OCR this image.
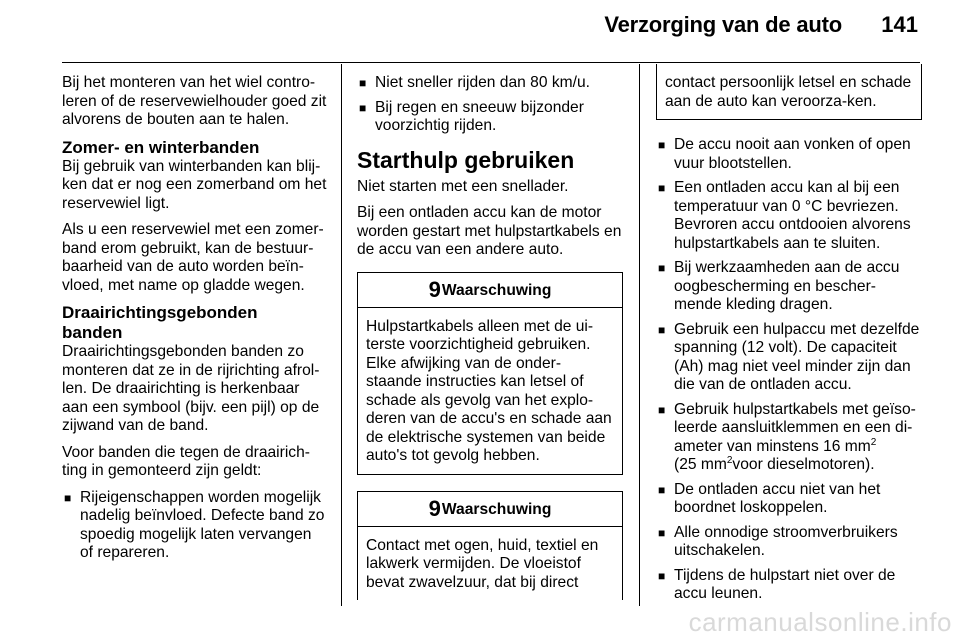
Verzorging van de auto 141

Bij het monteren van het wiel contro-leren of de reservewielhouder goed zit alvorens de bouten aan te halen.

Zomer- en winterbanden

Bij gebruik van winterbanden kan blij-ken dat er nog een zomerband om het reservewiel ligt.

Als u een reservewiel met een zomer-band erom gebruikt, kan de bestuur-baarheid van de auto worden beïn-vloed, met name op gladde wegen.

Draairichtingsgebonden
banden

Draairichtingsgebonden banden zo monteren dat ze in de rijrichting afrol-len. De draairichting is herkenbaar aan een symbool (bijv. een pijl) op de zijwand van de band.

Voor banden die tegen de draairich-ting in gemonteerd zijn geldt:

■ Rijeigenschappen worden mogelijk nadelig beïnvloed. Defecte band zo spoedig mogelijk laten vervangen of repareren.
■ Niet sneller rijden dan 80 km/u.
■ Bij regen en sneeuw bijzonder voorzichtig rijden.
Starthulp gebruiken

Niet starten met een snellader.

Bij een ontladen accu kan de motor worden gestart met hulpstartkabels en de accu van een andere auto.

9Waarschuwing
Hulpstartkabels alleen met de ui-terste voorzichtigheid gebruiken. Elke afwijking van de onder-staande instructies kan letsel of schade als gevolg van het explo-deren van de accu's en schade aan de elektrische systemen van beide auto's tot gevolg hebben.
9Waarschuwing
Contact met ogen, huid, textiel en lakwerk vermijden. De vloeistof bevat zwavelzuur, dat bij direct
contact persoonlijk letsel en schade aan de auto kan veroorza-ken.
■ De accu nooit aan vonken of open vuur blootstellen.
■ Een ontladen accu kan al bij een temperatuur van 0 °C bevriezen. Bevroren accu ontdooien alvorens hulpstartkabels aan te sluiten.
■ Bij werkzaamheden aan de accu oogbescherming en bescher-mende kleding dragen.
■ Gebruik een hulpaccu met dezelfde spanning (12 volt). De capaciteit (Ah) mag niet veel minder zijn dan die van de ontladen accu.
■ Gebruik hulpstartkabels met geïso-leerde aansluitklemmen en een di-ameter van minstens 16 $mm^2$
(25 $mm^2voor$ dieselmotoren).
■ De ontladen accu niet van het boordnet loskoppelen.
■ Alle onnodige stroomverbruikers uitschakelen.
■ Tijdens de hulpstart niet over de accu leunen.
carmanualsonline.info
